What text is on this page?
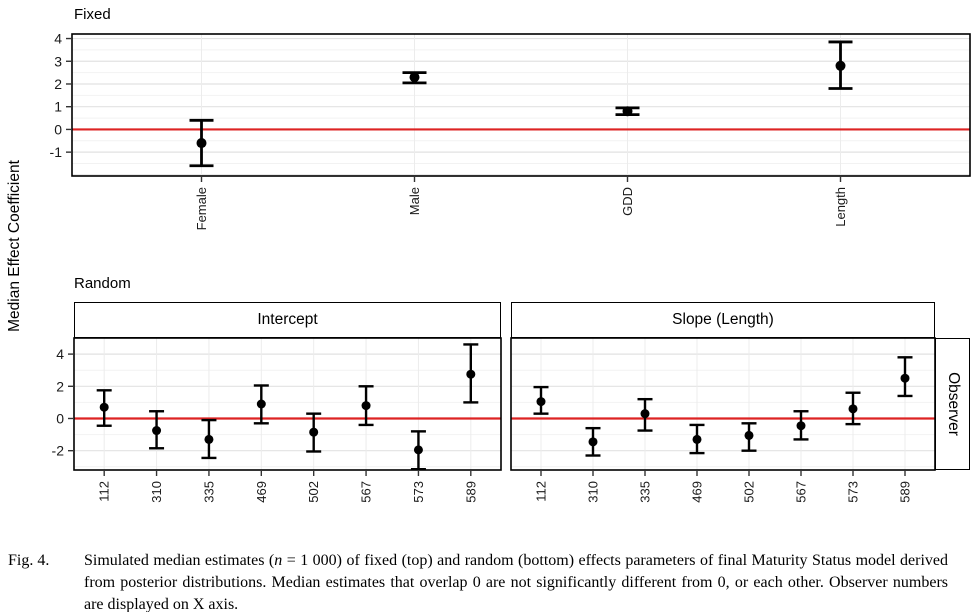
Median Effect Coefficient
Fixed
Random
4
3
2
1
0
-1
Female	Male	GDD	Length
4
2
0
-2
112	310	335	469	502	567	573	589	112	310	335	469	502	567	573	589
Intercept	Slope (Length)
Observer
Fig. 4.	Simulated median estimates (n = 1 000) of fixed (top) and random (bottom) effects parameters of final Maturity Status model derived from posterior distributions. Median estimates that overlap 0 are not significantly different from 0, or each other. Observer numbers are displayed on X axis.
